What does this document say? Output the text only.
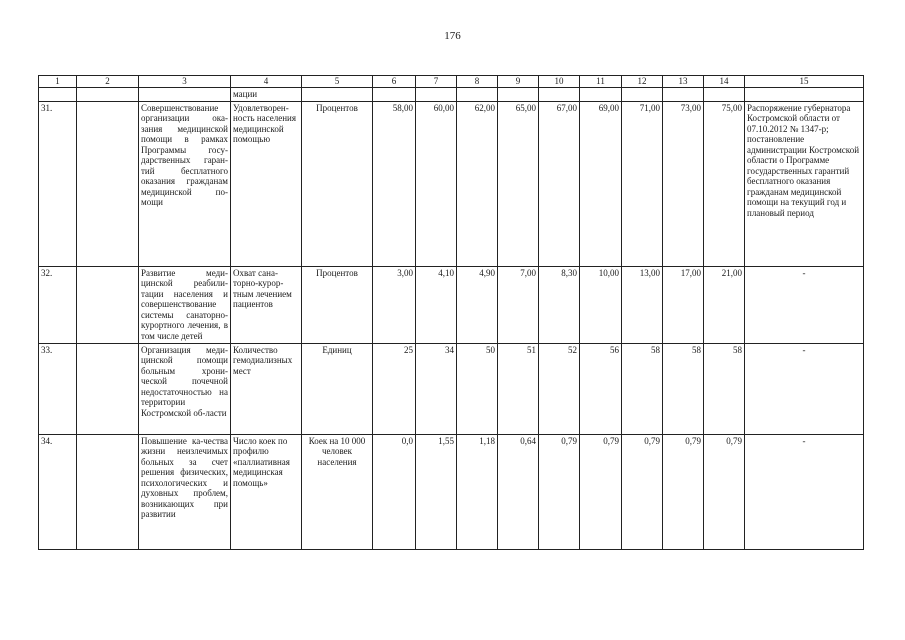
176
1	2	3	4	5	6	7	8	9	10	11	12	13	14	15
			мации											
31.		Совершенствование организации ока-зания медицинской помощи в рамках Программы госу-дарственных гаран-тий бесплатного оказания гражданам медицинской по-мощи	Удовлетворен-ность населения медицинской помощью	Процентов	58,00	60,00	62,00	65,00	67,00	69,00	71,00	73,00	75,00	Распоряжение губернатора Костромской области от 07.10.2012 № 1347-р; постановление администрации Костромской области о Программе государственных гарантий бесплатного оказания гражданам медицинской помощи на текущий год и плановый период
32.		Развитие меди-цинской реабили-тации населения и совершенствование системы санаторно-курортного лечения, в том числе детей	Охват сана-торно-курор-тным лечением пациентов	Процентов	3,00	4,10	4,90	7,00	8,30	10,00	13,00	17,00	21,00	-
33.		Организация меди-цинской помощи больным хрони-ческой почечной недостаточностью на территории Костромской об-ласти	Количество гемодиализных мест	Единиц	25	34	50	51	52	56	58	58	58	-
34.		Повышение ка-чества жизни неизлечимых больных за счет решения физических, психологических и духовных проблем, возникающих при развитии	Число коек по профилю «паллиативная медицинская помощь»	Коек на 10 000 человек населения	0,0	1,55	1,18	0,64	0,79	0,79	0,79	0,79	0,79	-
